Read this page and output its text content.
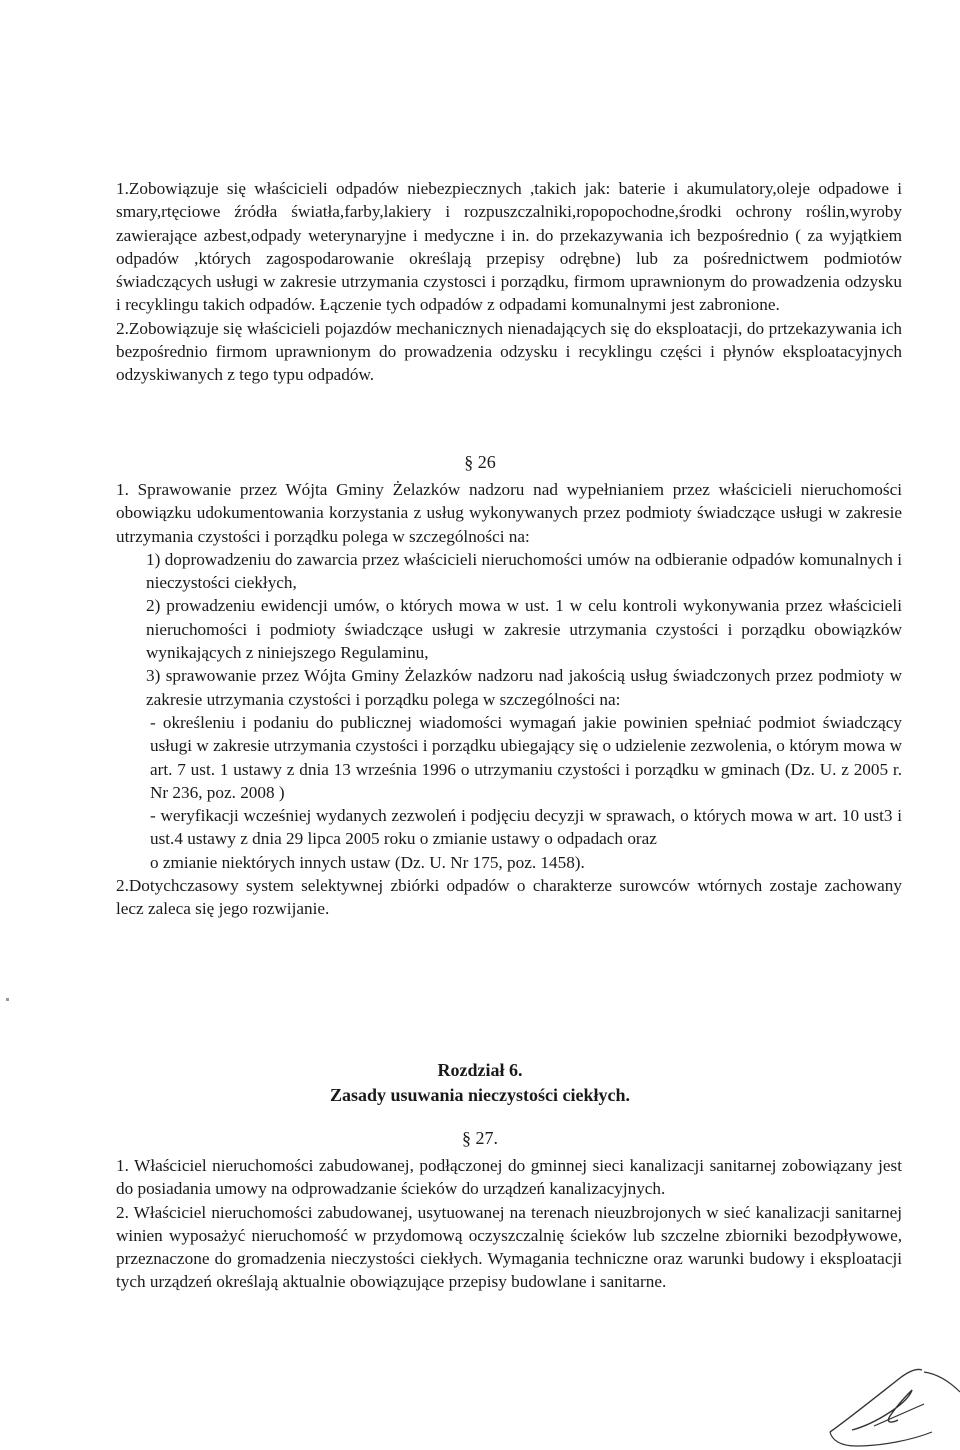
1.Zobowiązuje się właścicieli odpadów niebezpiecznych ,takich jak: baterie i akumulatory,oleje odpadowe i smary,rtęciowe źródła światła,farby,lakiery i rozpuszczalniki,ropopochodne,środki ochrony roślin,wyroby zawierające azbest,odpady weterynaryjne i medyczne i in. do przekazywania ich bezpośrednio ( za wyjątkiem odpadów ,których zagospodarowanie określają przepisy odrębne) lub za pośrednictwem podmiotów świadczących usługi w zakresie utrzymania czystosci i porządku, firmom uprawnionym do prowadzenia odzysku i recyklingu takich odpadów. Łączenie tych odpadów z odpadami komunalnymi jest zabronione.

2.Zobowiązuje się właścicieli pojazdów mechanicznych nienadających się do eksploatacji, do prtzekazywania ich bezpośrednio firmom uprawnionym do prowadzenia odzysku i recyklingu części i płynów eksploatacyjnych odzyskiwanych z tego typu odpadów.

§ 26

1. Sprawowanie przez Wójta Gminy Żelazków nadzoru nad wypełnianiem przez właścicieli nieruchomości obowiązku udokumentowania korzystania z usług wykonywanych przez podmioty świadczące usługi w zakresie utrzymania czystości i porządku polega w szczególności na:

1) doprowadzeniu do zawarcia przez właścicieli nieruchomości umów na odbieranie odpadów komunalnych i nieczystości ciekłych,

2) prowadzeniu ewidencji umów, o których mowa w ust. 1 w celu kontroli wykonywania przez właścicieli nieruchomości i podmioty świadczące usługi w zakresie utrzymania czystości i porządku obowiązków wynikających z niniejszego Regulaminu,

3) sprawowanie przez Wójta Gminy Żelazków nadzoru nad jakością usług świadczonych przez podmioty w zakresie utrzymania czystości i porządku polega w szczególności na:

- określeniu i podaniu do publicznej wiadomości wymagań jakie powinien spełniać podmiot świadczący usługi w zakresie utrzymania czystości i porządku ubiegający się o udzielenie zezwolenia, o którym mowa w art. 7 ust. 1 ustawy z dnia 13 września 1996 o utrzymaniu czystości i porządku w gminach (Dz. U. z 2005 r. Nr 236, poz. 2008 )

- weryfikacji wcześniej wydanych zezwoleń i podjęciu decyzji w sprawach, o których mowa w art. 10 ust3 i ust.4 ustawy z dnia 29 lipca 2005 roku o zmianie ustawy o odpadach oraz

o zmianie niektórych innych ustaw (Dz. U. Nr 175, poz. 1458).

2.Dotychczasowy system selektywnej zbiórki odpadów o charakterze surowców wtórnych zostaje zachowany lecz zaleca się jego rozwijanie.

Rozdział 6.
Zasady usuwania nieczystości ciekłych.
§ 27.

1. Właściciel nieruchomości zabudowanej, podłączonej do gminnej sieci kanalizacji sanitarnej zobowiązany jest do posiadania umowy na odprowadzanie ścieków do urządzeń kanalizacyjnych.

2. Właściciel nieruchomości zabudowanej, usytuowanej na terenach nieuzbrojonych w sieć kanalizacji sanitarnej winien wyposażyć nieruchomość w przydomową oczyszczalnię ścieków lub szczelne zbiorniki bezodpływowe, przeznaczone do gromadzenia nieczystości ciekłych. Wymagania techniczne oraz warunki budowy i eksploatacji tych urządzeń określają aktualnie obowiązujące przepisy budowlane i sanitarne.
